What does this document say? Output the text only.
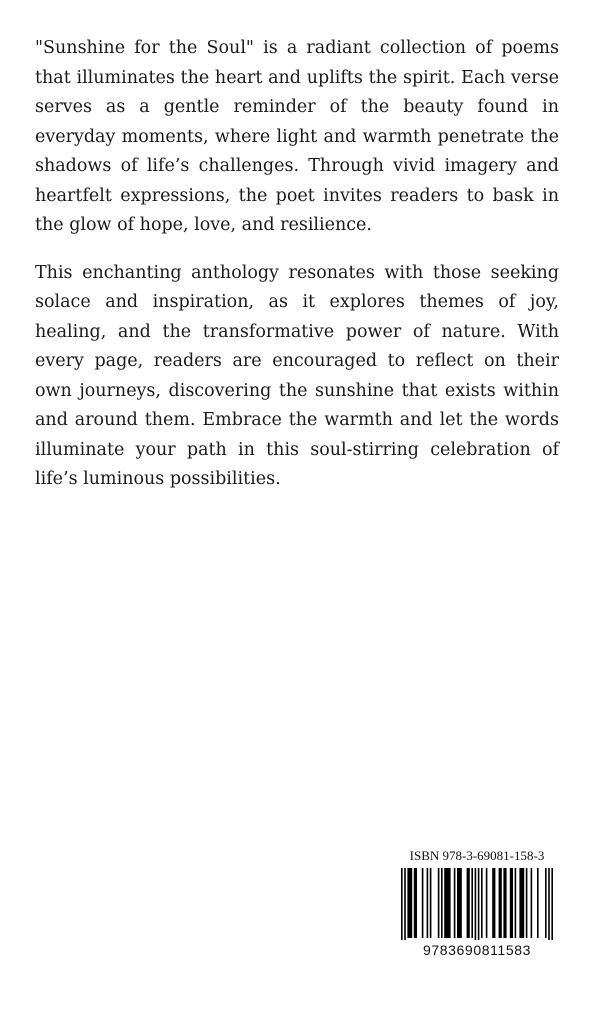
"Sunshine for the Soul" is a radiant collection of poems that illuminates the heart and uplifts the spirit. Each verse serves as a gentle reminder of the beauty found in everyday moments, where light and warmth penetrate the shadows of life’s challenges. Through vivid imagery and heartfelt expressions, the poet invites readers to bask in the glow of hope, love, and resilience.

This enchanting anthology resonates with those seeking solace and inspiration, as it explores themes of joy, healing, and the transformative power of nature. With every page, readers are encouraged to reflect on their own journeys, discovering the sunshine that exists within and around them. Embrace the warmth and let the words illuminate your path in this soul-stirring celebration of life’s luminous possibilities.

ISBN 978-3-69081-158-3
9783690811583
